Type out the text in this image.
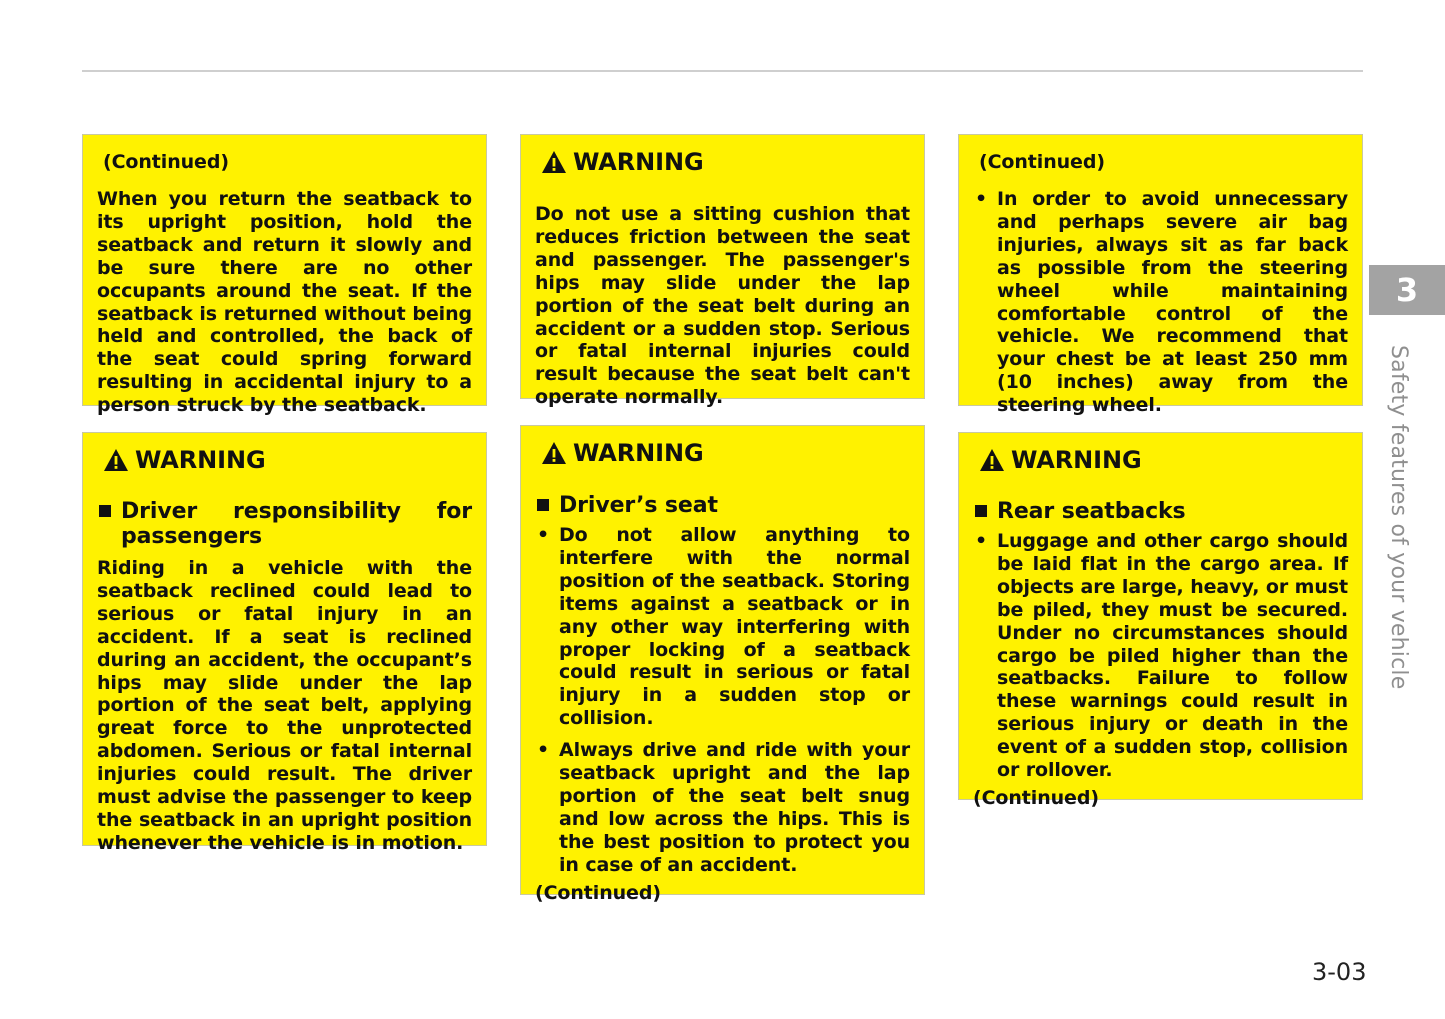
(Continued)
When you return the seatback to its upright position, hold the seatback and return it slowly and be sure there are no other occupants around the seat. If the seatback is returned without being held and controlled, the back of the seat could spring forward resulting in accidental injury to a person struck by the seatback.
WARNING
Driver responsibility for passengers
Riding in a vehicle with the seatback reclined could lead to serious or fatal injury in an accident. If a seat is reclined during an accident, the occupant’s hips may slide under the lap portion of the seat belt, applying great force to the unprotected abdomen. Serious or fatal internal injuries could result. The driver must advise the passenger to keep the seatback in an upright position whenever the vehicle is in motion.
WARNING
Do not use a sitting cushion that reduces friction between the seat and passenger. The passenger's hips may slide under the lap portion of the seat belt during an accident or a sudden stop. Serious or fatal internal injuries could result because the seat belt can't operate normally.
WARNING
Driver’s seat
• Do not allow anything to interfere with the normal position of the seatback. Storing items against a seatback or in any other way interfering with proper locking of a seatback could result in serious or fatal injury in a sudden stop or collision.
• Always drive and ride with your seatback upright and the lap portion of the seat belt snug and low across the hips. This is the best position to protect you in case of an accident.
(Continued)
(Continued)
• In order to avoid unnecessary and perhaps severe air bag injuries, always sit as far back as possible from the steering wheel while maintaining comfortable control of the vehicle. We recommend that your chest be at least 250 mm (10 inches) away from the steering wheel.
WARNING
Rear seatbacks
• Luggage and other cargo should be laid flat in the cargo area. If objects are large, heavy, or must be piled, they must be secured. Under no circumstances should cargo be piled higher than the seatbacks. Failure to follow these warnings could result in serious injury or death in the event of a sudden stop, collision or rollover.
(Continued)
3
Safety features of your vehicle
3-03
